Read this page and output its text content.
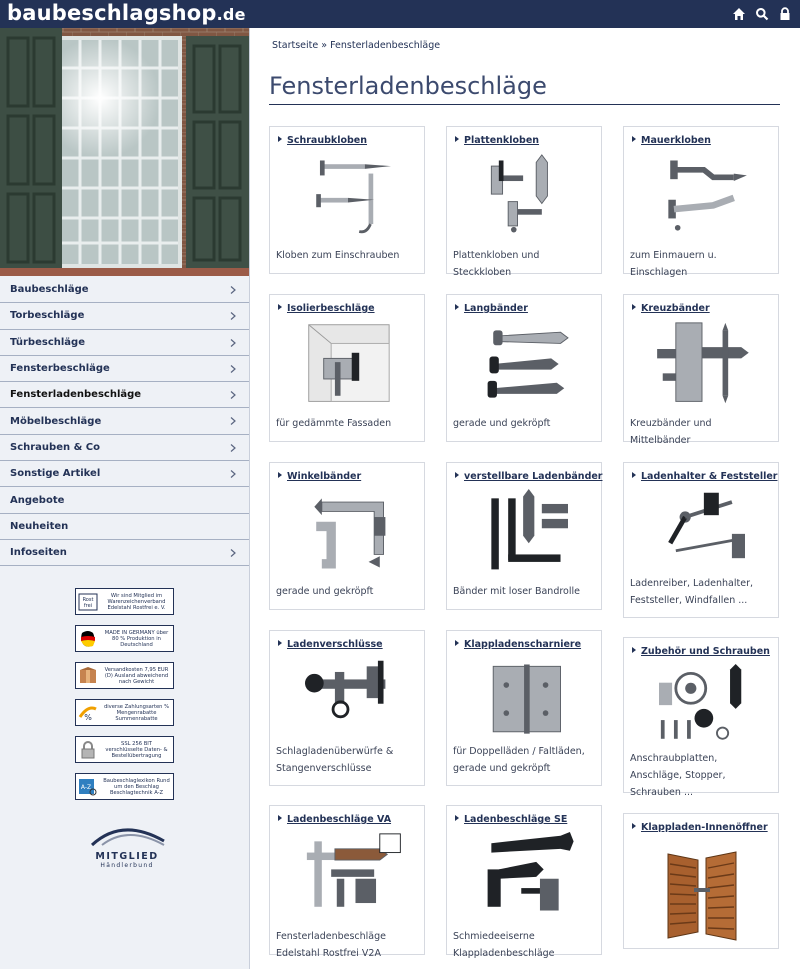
baubeschlagshop.de
Baubeschläge
Torbeschläge
Türbeschläge
Fensterbeschläge
Fensterladenbeschläge
Möbelbeschläge
Schrauben & Co
Sonstige Artikel
Angebote
Neuheiten
Infoseiten
Rost
frei
Wir sind Mitglied im Warenzeichenverband Edelstahl Rostfrei e. V.
MADE IN GERMANY über 80 % Produktion in Deutschland
Versandkosten 7,95 EUR (D) Ausland abweichend nach Gewicht
%
diverse Zahlungsarten % Mengenrabatte Summenrabatte
SSL 256 BIT verschlüsselte Daten- & Bestellübertragung
A-Z
Baubeschlaglexikon Rund um den Beschlag Beschlagtechnik A-Z
MITGLIED
Händlerbund
Startseite » Fensterladenbeschläge
Fensterladenbeschläge
Schraubkloben
Kloben zum Einschrauben
Plattenkloben
Plattenkloben und Steckkloben
Mauerkloben
zum Einmauern u. Einschlagen
Isolierbeschläge
für gedämmte Fassaden
Langbänder
gerade und gekröpft
Kreuzbänder
Kreuzbänder und Mittelbänder
Winkelbänder
gerade und gekröpft
verstellbare Ladenbänder
Bänder mit loser Bandrolle
Ladenhalter & Feststeller
Ladenreiber, Ladenhalter, Feststeller, Windfallen ...
Ladenverschlüsse
Schlagladenüberwürfe & Stangenverschlüsse
Klappladenscharniere
für Doppelläden / Faltläden, gerade und gekröpft
Zubehör und Schrauben
Anschraubplatten, Anschläge, Stopper, Schrauben ...
Ladenbeschläge VA
Fensterladenbeschläge Edelstahl Rostfrei V2A
Ladenbeschläge SE
Schmiedeeiserne Klappladenbeschläge
Klappladen-Innenöffner
